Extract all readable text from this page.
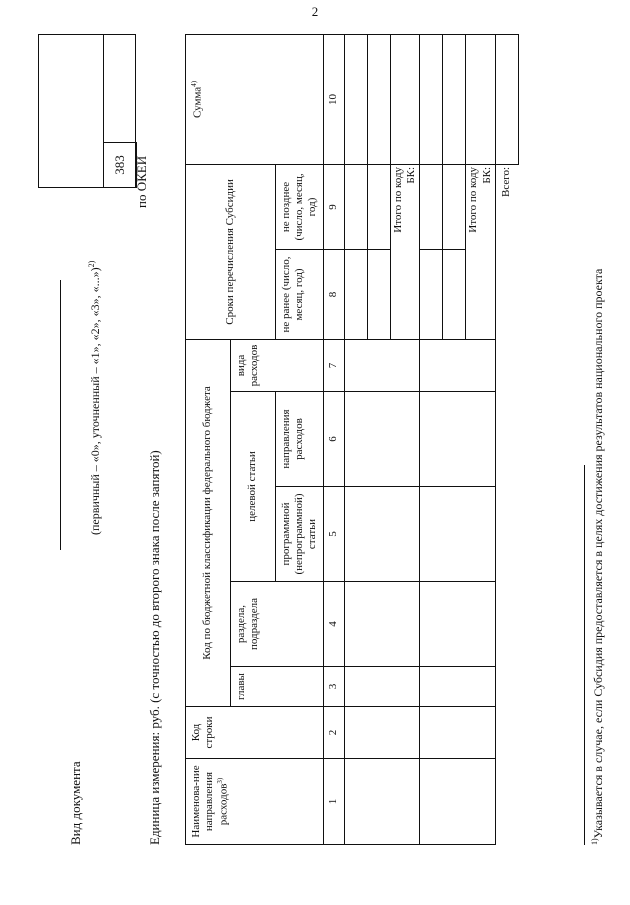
2
Вид документа
(первичный – «0», уточненный – «1», «2», «3», «...»)$^{2)}$
Единица измерения: руб. (с точностью до второго знака после запятой)
по ОКЕИ
383
Наименова-ние направления расходов$^{3)}$	Код строки	Код по бюджетной классификации федерального бюджета					Сроки перечисления Субсидии		Сумма$^{4)}$
		главы	раздела, подраздела	целевой статьи		вида расходов			
				программной (непрограммной) статьи	направления расходов		не ранее (число, месяц, год)	не позднее (число, месяц, год)	
1	2	3	4	5	6	7	8	9	10

								Итого по коду БК:	

								Итого по коду БК:	
Всего:									
$^{1)}$Указывается в случае, если Субсидия предоставляется в целях достижения результатов национального проекта
